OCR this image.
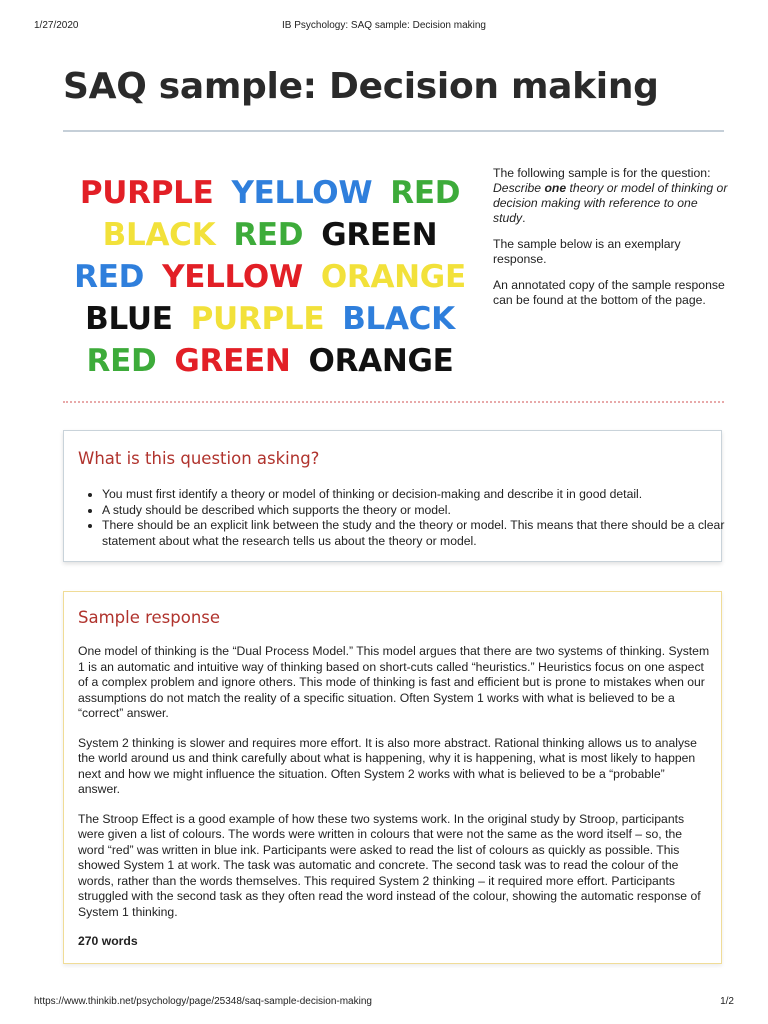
1/27/2020	IB Psychology: SAQ sample: Decision making
SAQ sample: Decision making
PURPLE YELLOW RED
BLACK RED GREEN
RED YELLOW ORANGE
BLUE PURPLE BLACK
RED GREEN ORANGE

The following sample is for the question: Describe one theory or model of thinking or decision making with reference to one study.

The sample below is an exemplary response.

An annotated copy of the sample response can be found at the bottom of the page.

What is this question asking?
• You must first identify a theory or model of thinking or decision-making and describe it in good detail.
• A study should be described which supports the theory or model.
• There should be an explicit link between the study and the theory or model. This means that there should be a clear statement about what the research tells us about the theory or model.
Sample response

One model of thinking is the “Dual Process Model.” This model argues that there are two systems of thinking. System 1 is an automatic and intuitive way of thinking based on short-cuts called “heuristics.” Heuristics focus on one aspect of a complex problem and ignore others. This mode of thinking is fast and efficient but is prone to mistakes when our assumptions do not match the reality of a specific situation. Often System 1 works with what is believed to be a “correct” answer.

System 2 thinking is slower and requires more effort. It is also more abstract. Rational thinking allows us to analyse the world around us and think carefully about what is happening, why it is happening, what is most likely to happen next and how we might influence the situation. Often System 2 works with what is believed to be a “probable” answer.

The Stroop Effect is a good example of how these two systems work. In the original study by Stroop, participants were given a list of colours. The words were written in colours that were not the same as the word itself – so, the word “red” was written in blue ink. Participants were asked to read the list of colours as quickly as possible. This showed System 1 at work. The task was automatic and concrete. The second task was to read the colour of the words, rather than the words themselves. This required System 2 thinking – it required more effort. Participants struggled with the second task as they often read the word instead of the colour, showing the automatic response of System 1 thinking.

270 words

https://www.thinkib.net/psychology/page/25348/saq-sample-decision-making	1/2
